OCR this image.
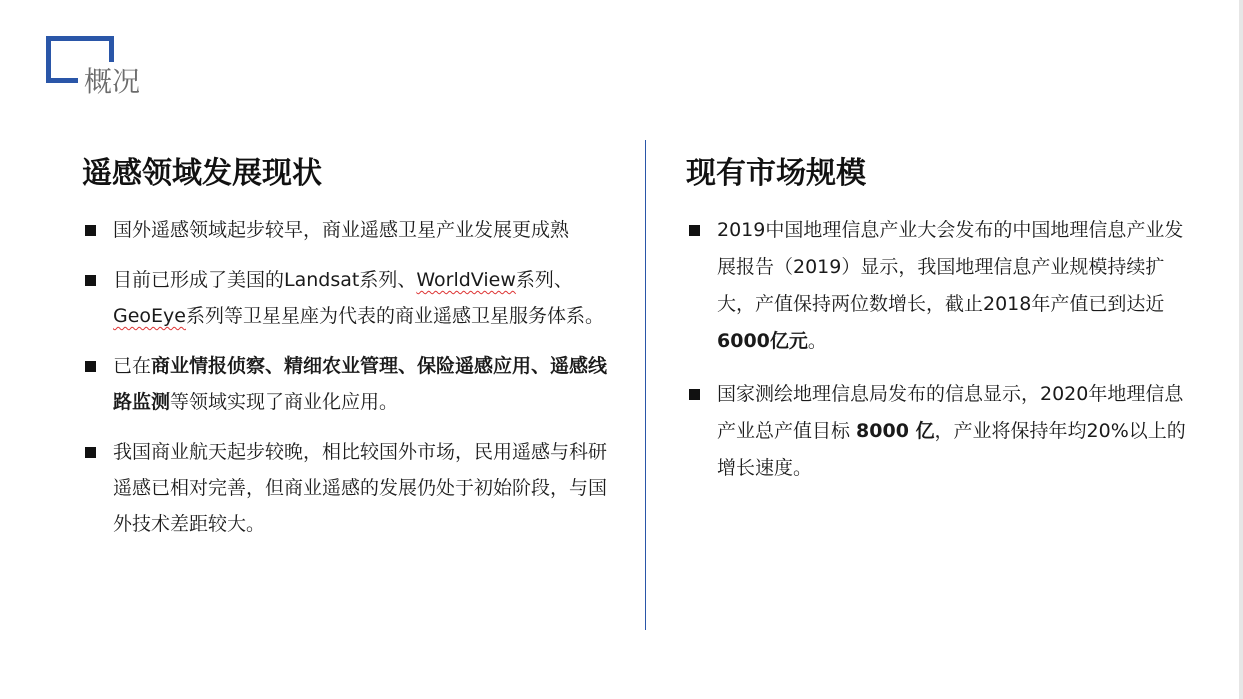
概况
遥感领域发展现状
国外遥感领域起步较早，商业遥感卫星产业发展更成熟
目前已形成了美国的Landsat系列、WorldView系列、GeoEye系列等卫星星座为代表的商业遥感卫星服务体系。
已在商业情报侦察、精细农业管理、保险遥感应用、遥感线路监测等领域实现了商业化应用。
我国商业航天起步较晚，相比较国外市场，民用遥感与科研遥感已相对完善，但商业遥感的发展仍处于初始阶段，与国外技术差距较大。
现有市场规模
2019中国地理信息产业大会发布的中国地理信息产业发展报告（2019）显示，我国地理信息产业规模持续扩大，产值保持两位数增长，截止2018年产值已到达近6000亿元。
国家测绘地理信息局发布的信息显示，2020年地理信息产业总产值目标 8000 亿，产业将保持年均20%以上的增长速度。
